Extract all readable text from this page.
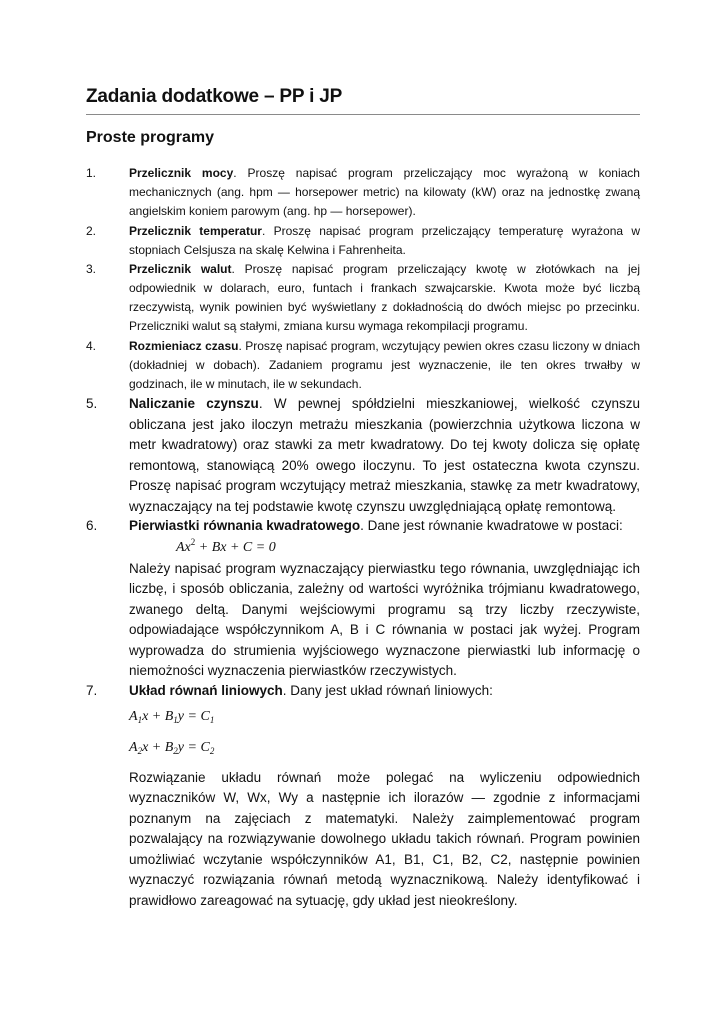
Zadania dodatkowe – PP i JP
Proste programy
1.	Przelicznik mocy. Proszę napisać program przeliczający moc wyrażoną w koniach mechanicznych (ang. hpm — horsepower metric) na kilowaty (kW) oraz na jednostkę zwaną angielskim koniem parowym (ang. hp — horsepower).
2.	Przelicznik temperatur. Proszę napisać program przeliczający temperaturę wyrażona w stopniach Celsjusza na skalę Kelwina i Fahrenheita.
3.	Przelicznik walut. Proszę napisać program przeliczający kwotę w złotówkach na jej odpowiednik w dolarach, euro, funtach i frankach szwajcarskie. Kwota może być liczbą rzeczywistą, wynik powinien być wyświetlany z dokładnością do dwóch miejsc po przecinku. Przeliczniki walut są stałymi, zmiana kursu wymaga rekompilacji programu.
4.	Rozmieniacz czasu. Proszę napisać program, wczytujący pewien okres czasu liczony w dniach (dokładniej w dobach). Zadaniem programu jest wyznaczenie, ile ten okres trwałby w godzinach, ile w minutach, ile w sekundach.
5. Naliczanie czynszu. W pewnej spółdzielni mieszkaniowej, wielkość czynszu obliczana jest jako iloczyn metrażu mieszkania (powierzchnia użytkowa liczona w metr kwadratowy) oraz stawki za metr kwadratowy. Do tej kwoty dolicza się opłatę remontową, stanowiącą 20% owego iloczynu. To jest ostateczna kwota czynszu. Proszę napisać program wczytujący metraż mieszkania, stawkę za metr kwadratowy, wyznaczający na tej podstawie kwotę czynszu uwzględniającą opłatę remontową.
6. Pierwiastki równania kwadratowego. Dane jest równanie kwadratowe w postaci:
$Ax^2 + Bx + C = 0$
Należy napisać program wyznaczający pierwiastku tego równania, uwzględniając ich liczbę, i sposób obliczania, zależny od wartości wyróżnika trójmianu kwadratowego, zwanego deltą. Danymi wejściowymi programu są trzy liczby rzeczywiste, odpowiadające współczynnikom A, B i C równania w postaci jak wyżej. Program wyprowadza do strumienia wyjściowego wyznaczone pierwiastki lub informację o niemożności wyznaczenia pierwiastków rzeczywistych.
7. Układ równań liniowych. Dany jest układ równań liniowych:
$A_1x + B_1y = C_1$
$A_2x + B_2y = C_2$
Rozwiązanie układu równań może polegać na wyliczeniu odpowiednich wyznaczników W, Wx, Wy a następnie ich ilorazów — zgodnie z informacjami poznanym na zajęciach z matematyki. Należy zaimplementować program pozwalający na rozwiązywanie dowolnego układu takich równań. Program powinien umożliwiać wczytanie współczynników A1, B1, C1, B2, C2, następnie powinien wyznaczyć rozwiązania równań metodą wyznacznikową. Należy identyfikować i prawidłowo zareagować na sytuację, gdy układ jest nieokreślony.
